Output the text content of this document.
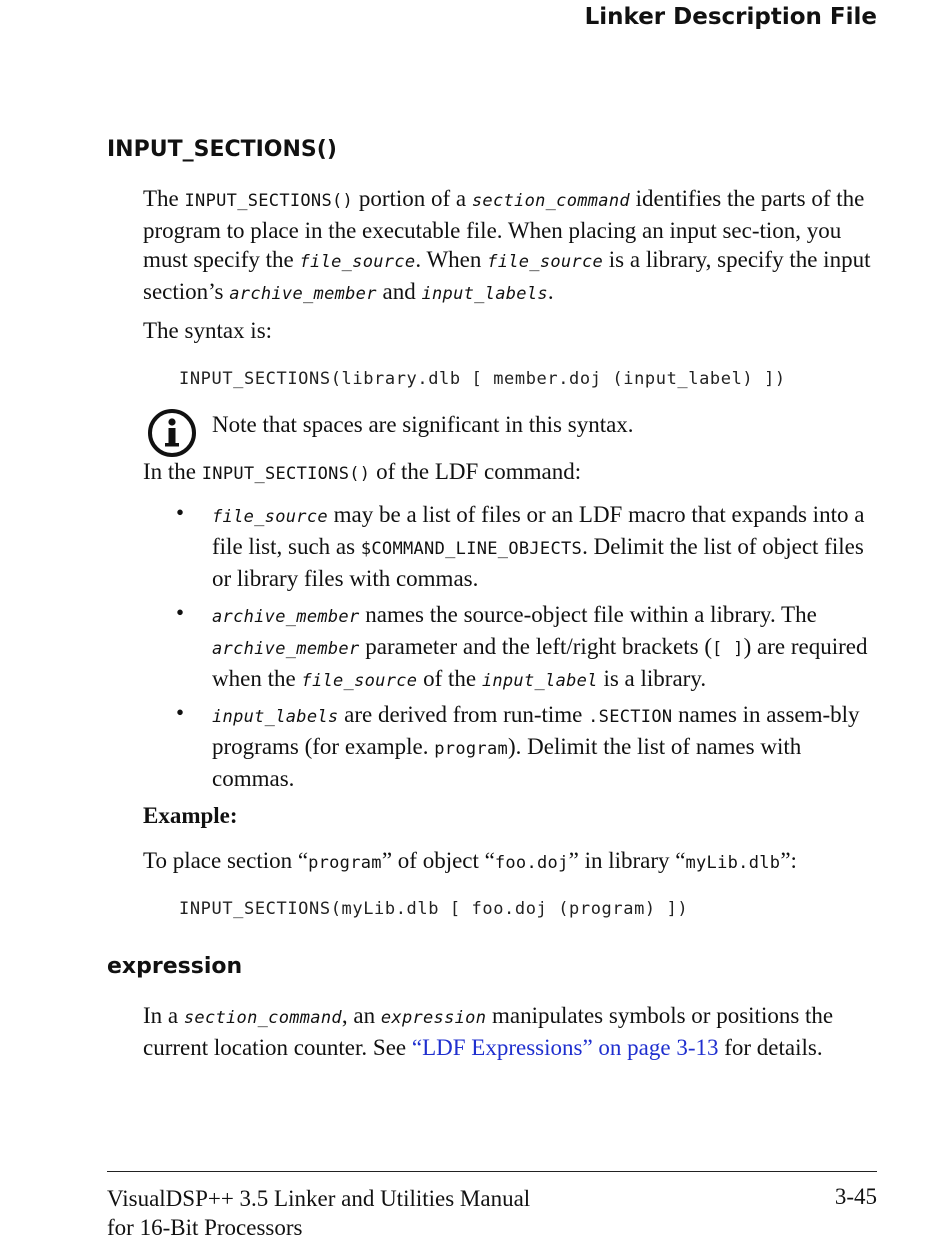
Linker Description File
INPUT_SECTIONS()
The INPUT_SECTIONS() portion of a section_command identifies the parts of the program to place in the executable file. When placing an input sec-tion, you must specify the file_source. When file_source is a library, specify the input section’s archive_member and input_labels.
The syntax is:
INPUT_SECTIONS(library.dlb [ member.doj (input_label) ])
Note that spaces are significant in this syntax.
In the INPUT_SECTIONS() of the LDF command:
• file_source may be a list of files or an LDF macro that expands into a file list, such as $COMMAND_LINE_OBJECTS. Delimit the list of object files or library files with commas.
• archive_member names the source-object file within a library. The archive_member parameter and the left/right brackets ([ ]) are required when the file_source of the input_label is a library.
• input_labels are derived from run-time .SECTION names in assem-bly programs (for example. program). Delimit the list of names with commas.
Example:
To place section “program” of object “foo.doj” in library “myLib.dlb”:
INPUT_SECTIONS(myLib.dlb [ foo.doj (program) ])
expression
In a section_command, an expression manipulates symbols or positions the current location counter. See “LDF Expressions” on page 3-13 for details.
VisualDSP++ 3.5 Linker and Utilities Manual
for 16-Bit Processors
3-45
